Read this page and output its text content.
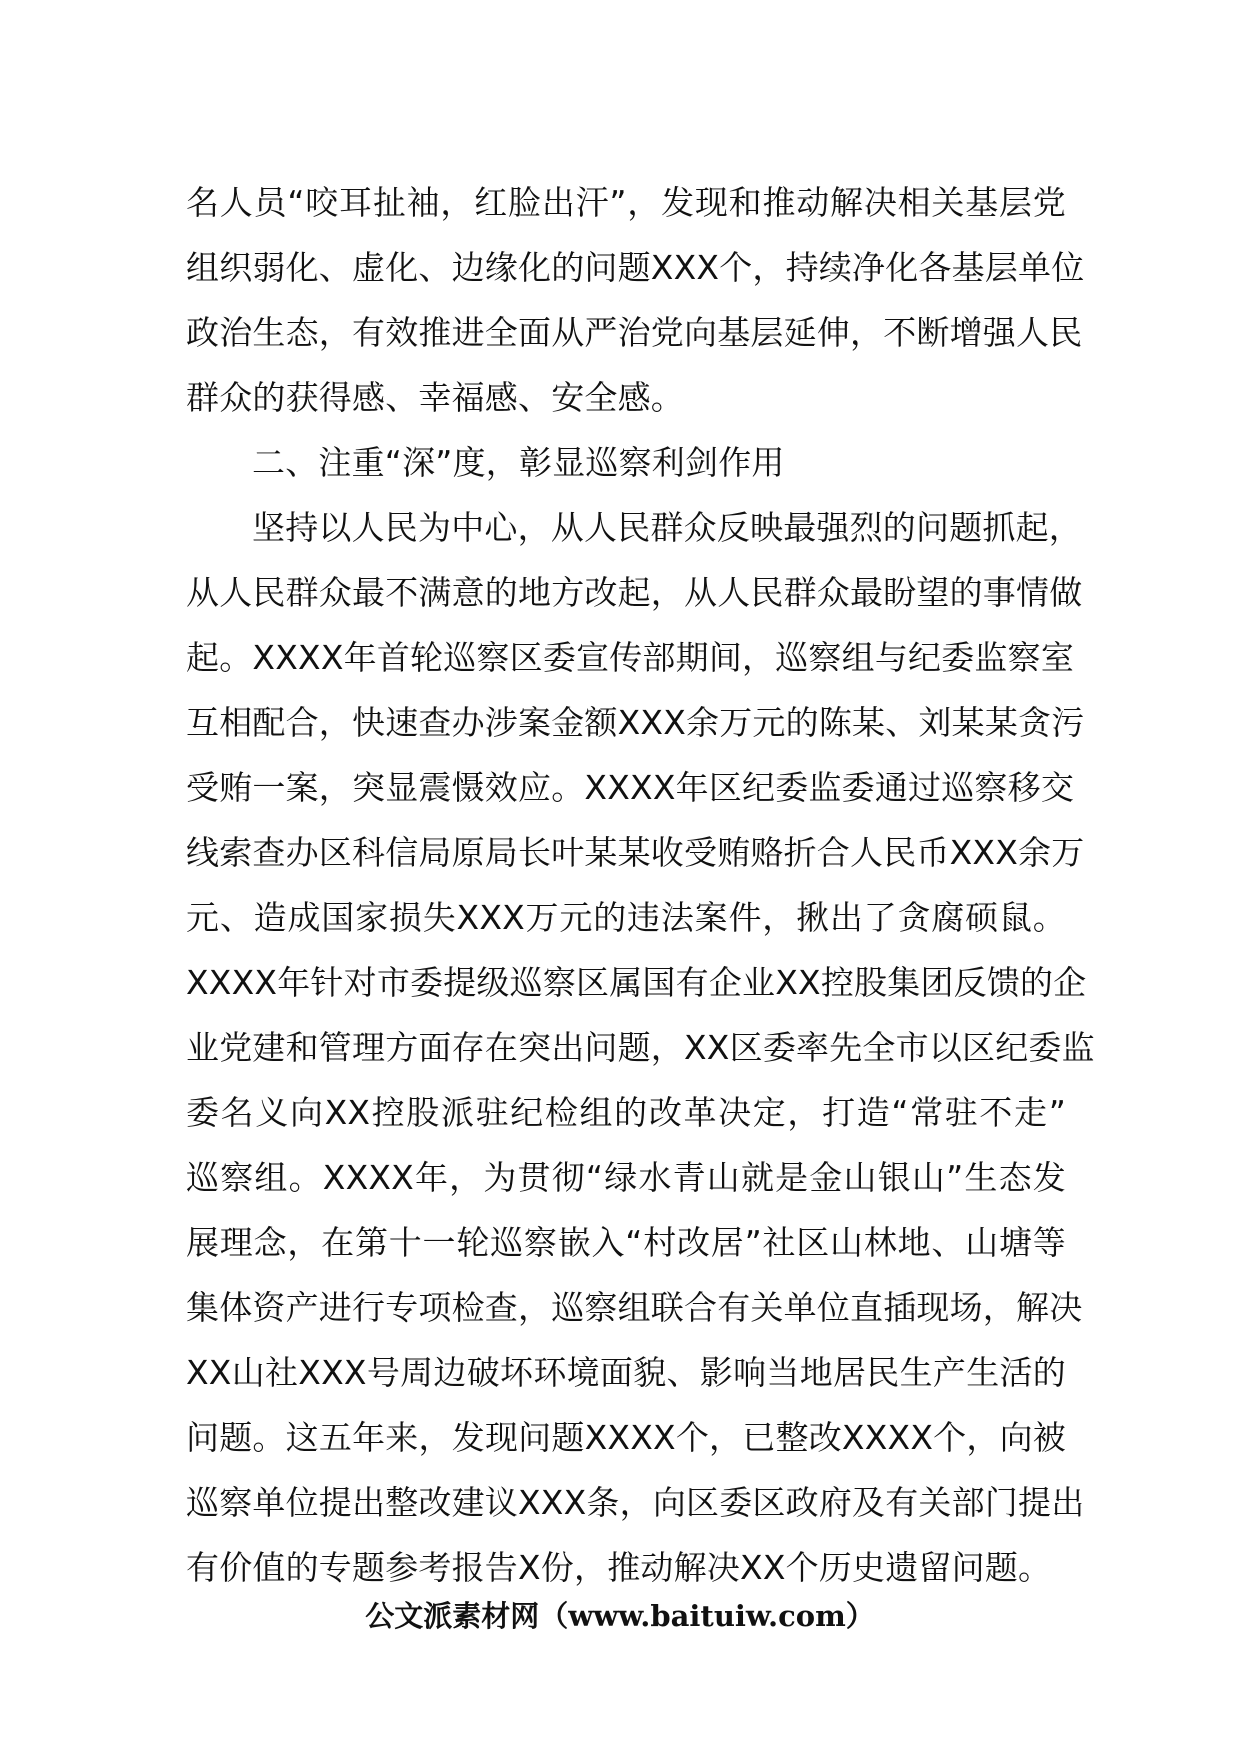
名人员“咬耳扯袖，红脸出汗”，发现和推动解决相关基层党
组织弱化、虚化、边缘化的问题XXX个，持续净化各基层单位
政治生态，有效推进全面从严治党向基层延伸，不断增强人民
群众的获得感、幸福感、安全感。
二、注重“深”度，彰显巡察利剑作用
坚持以人民为中心，从人民群众反映最强烈的问题抓起，
从人民群众最不满意的地方改起，从人民群众最盼望的事情做
起。XXXX年首轮巡察区委宣传部期间，巡察组与纪委监察室
互相配合，快速查办涉案金额XXX余万元的陈某、刘某某贪污
受贿一案，突显震慑效应。XXXX年区纪委监委通过巡察移交
线索查办区科信局原局长叶某某收受贿赂折合人民币XXX余万
元、造成国家损失XXX万元的违法案件，揪出了贪腐硕鼠。
XXXX年针对市委提级巡察区属国有企业XX控股集团反馈的企
业党建和管理方面存在突出问题，XX区委率先全市以区纪委监
委名义向XX控股派驻纪检组的改革决定，打造“常驻不走”
巡察组。XXXX年，为贯彻“绿水青山就是金山银山”生态发
展理念，在第十一轮巡察嵌入“村改居”社区山林地、山塘等
集体资产进行专项检查，巡察组联合有关单位直插现场，解决
XX山社XXX号周边破坏环境面貌、影响当地居民生产生活的
问题。这五年来，发现问题XXXX个，已整改XXXX个，向被
巡察单位提出整改建议XXX条，向区委区政府及有关部门提出
有价值的专题参考报告X份，推动解决XX个历史遗留问题。
公文派素材网（www.baituiw.com）
